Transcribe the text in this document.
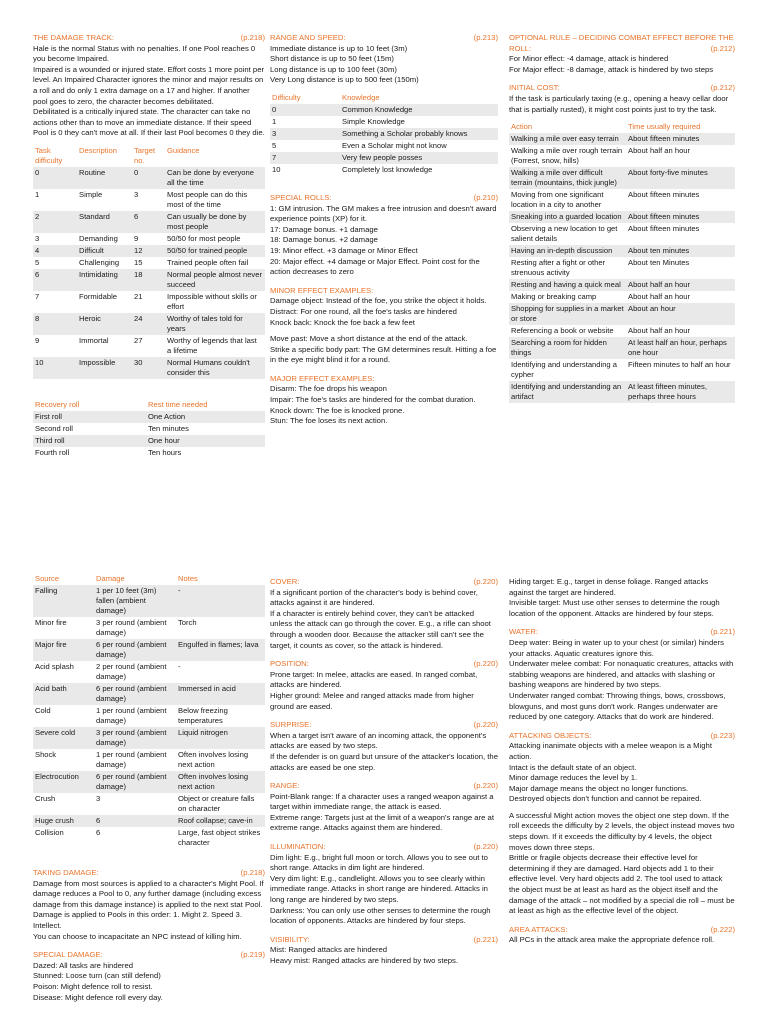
THE DAMAGE TRACK:	(p.218)

Hale is the normal Status with no penalties. If one Pool reaches 0 you become Impaired.

Impaired is a wounded or injured state. Effort costs 1 more point per level. An Impaired Character ignores the minor and major results on a roll and do only 1 extra damage on a 17 and higher. If another pool goes to zero, the character becomes debilitated.

Debilitated is a critically injured state. The character can take no actions other than to move an immediate distance. If their speed Pool is 0 they can't move at all. If their last Pool becomes 0 they die.

Task difficulty	Description	Target no.	Guidance
0	Routine	0	Can be done by everyone all the time
1	Simple	3	Most people can do this most of the time
2	Standard	6	Can usually be done by most people
3	Demanding	9	50/50 for most people
4	Difficult	12	50/50 for trained people
5	Challenging	15	Trained people often fail
6	Intimidating	18	Normal people almost never succeed
7	Formidable	21	Impossible without skills or effort
8	Heroic	24	Worthy of tales told for years
9	Immortal	27	Worthy of legends that last a lifetime
10	Impossible	30	Normal Humans couldn't consider this
Recovery roll	Rest time needed
First roll	One Action
Second roll	Ten minutes
Third roll	One hour
Fourth roll	Ten hours
RANGE AND SPEED:	(p.213)

Immediate distance is up to 10 feet (3m)

Short distance is up to 50 feet (15m)

Long distance is up to 100 feet (30m)

Very Long distance is up to 500 feet (150m)

Difficulty	Knowledge
0	Common Knowledge
1	Simple Knowledge
3	Something a Scholar probably knows
5	Even a Scholar might not know
7	Very few people posses
10	Completely lost knowledge
SPECIAL ROLLS:	(p.210)

1: GM intrusion. The GM makes a free intrusion and doesn't award experience points (XP) for it.

17: Damage bonus. +1 damage

18: Damage bonus. +2 damage

19: Minor effect. +3 damage or Minor Effect

20: Major effect. +4 damage or Major Effect. Point cost for the action decreases to zero

MINOR EFFECT EXAMPLES:

Damage object: Instead of the foe, you strike the object it holds.

Distract: For one round, all the foe's tasks are hindered

Knock back: Knock the foe back a few feet

Move past: Move a short distance at the end of the attack.

Strike a specific body part: The GM determines result. Hitting a foe in the eye might blind it for a round.

MAJOR EFFECT EXAMPLES:

Disarm: The foe drops his weapon

Impair: The foe's tasks are hindered for the combat duration.

Knock down: The foe is knocked prone.

Stun: The foe loses its next action.

OPTIONAL RULE – DECIDING COMBAT EFFECT BEFORE THE ROLL:	(p.212)

For Minor effect: -4 damage, attack is hindered

For Major effect: -8 damage, attack is hindered by two steps

INITIAL COST:	(p.212)

If the task is particularly taxing (e.g., opening a heavy cellar door that is partially rusted), it might cost points just to try the task.

Action	Time usually required
Walking a mile over easy terrain	About fifteen minutes
Walking a mile over rough terrain (Forrest, snow, hills)	About half an hour
Walking a mile over difficult terrain (mountains, thick jungle)	About forty-five minutes
Moving from one significant location in a city to another	About fifteen minutes
Sneaking into a guarded location	About fifteen minutes
Observing a new location to get salient details	About fifteen minutes
Having an in-depth discussion	About ten minutes
Resting after a fight or other strenuous activity	About ten Minutes
Resting and having a quick meal	About half an hour
Making or breaking camp	About half an hour
Shopping for supplies in a market or store	About an hour
Referencing a book or website	About half an hour
Searching a room for hidden things	At least half an hour, perhaps one hour
Identifying and understanding a cypher	Fifteen minutes to half an hour
Identifying and understanding an artifact	At least fifteen minutes, perhaps three hours
Source	Damage	Notes
Falling	1 per 10 feet (3m) fallen (ambient damage)	-
Minor fire	3 per round (ambient damage)	Torch
Major fire	6 per round (ambient damage)	Engulfed in flames; lava
Acid splash	2 per round (ambient damage)	-
Acid bath	6 per round (ambient damage)	Immersed in acid
Cold	1 per round (ambient damage)	Below freezing temperatures
Severe cold	3 per round (ambient damage)	Liquid nitrogen
Shock	1 per round (ambient damage)	Often involves losing next action
Electrocution	6 per round (ambient damage)	Often involves losing next action
Crush	3	Object or creature falls on character
Huge crush	6	Roof collapse; cave-in
Collision	6	Large, fast object strikes character
TAKING DAMAGE:	(p.218)

Damage from most sources is applied to a character's Might Pool. If damage reduces a Pool to 0, any further damage (including excess damage from this damage instance) is applied to the next stat Pool. Damage is applied to Pools in this order: 1. Might 2. Speed 3. Intellect.

You can choose to incapacitate an NPC instead of killing him.

SPECIAL DAMAGE:	(p.219)

Dazed: All tasks are hindered

Stunned: Loose turn (can still defend)

Poison: Might defence roll to resist.

Disease: Might defence roll every day.

COVER:	(p.220)

If a significant portion of the character's body is behind cover, attacks against it are hindered.

If a character is entirely behind cover, they can't be attacked unless the attack can go through the cover. E.g., a rifle can shoot through a wooden door. Because the attacker still can't see the target, it counts as cover, so the attack is hindered.

POSITION:	(p.220)

Prone target: In melee, attacks are eased. In ranged combat, attacks are hindered.

Higher ground: Melee and ranged attacks made from higher ground are eased.

SURPRISE:	(p.220)

When a target isn't aware of an incoming attack, the opponent's attacks are eased by two steps.

If the defender is on guard but unsure of the attacker's location, the attacks are eased be one step.

RANGE:	(p.220)

Point-Blank range: If a character uses a ranged weapon against a target within immediate range, the attack is eased.

Extreme range: Targets just at the limit of a weapon's range are at extreme range. Attacks against them are hindered.

ILLUMINATION:	(p.220)

Dim light: E.g., bright full moon or torch. Allows you to see out to short range. Attacks in dim light are hindered.

Very dim light: E.g., candlelight. Allows you to see clearly within immediate range. Attacks in short range are hindered. Attacks in long range are hindered by two steps.

Darkness: You can only use other senses to determine the rough location of opponents. Attacks are hindered by four steps.

VISIBILITY:	(p.221)

Mist: Ranged attacks are hindered

Heavy mist: Ranged attacks are hindered by two steps.

Hiding target: E.g., target in dense foliage. Ranged attacks against the target are hindered.

Invisible target: Must use other senses to determine the rough location of the opponent. Attacks are hindered by four steps.

WATER:	(p.221)

Deep water: Being in water up to your chest (or similar) hinders your attacks. Aquatic creatures ignore this.

Underwater melee combat: For nonaquatic creatures, attacks with stabbing weapons are hindered, and attacks with slashing or bashing weapons are hindered by two steps.

Underwater ranged combat: Throwing things, bows, crossbows, blowguns, and most guns don't work. Ranges underwater are reduced by one category. Attacks that do work are hindered.

ATTACKING OBJECTS:	(p.223)

Attacking inanimate objects with a melee weapon is a Might action.

Intact is the default state of an object.

Minor damage reduces the level by 1.

Major damage means the object no longer functions.

Destroyed objects don't function and cannot be repaired.

A successful Might action moves the object one step down. If the roll exceeds the difficulty by 2 levels, the object instead moves two steps down. If it exceeds the difficulty by 4 levels, the object moves down three steps.

Brittle or fragile objects decrease their effective level for determining if they are damaged. Hard objects add 1 to their effective level. Very hard objects add 2. The tool used to attack the object must be at least as hard as the object itself and the damage of the attack – not modified by a special die roll – must be at least as high as the effective level of the object.

AREA ATTACKS:	(p.222)

All PCs in the attack area make the appropriate defence roll.
